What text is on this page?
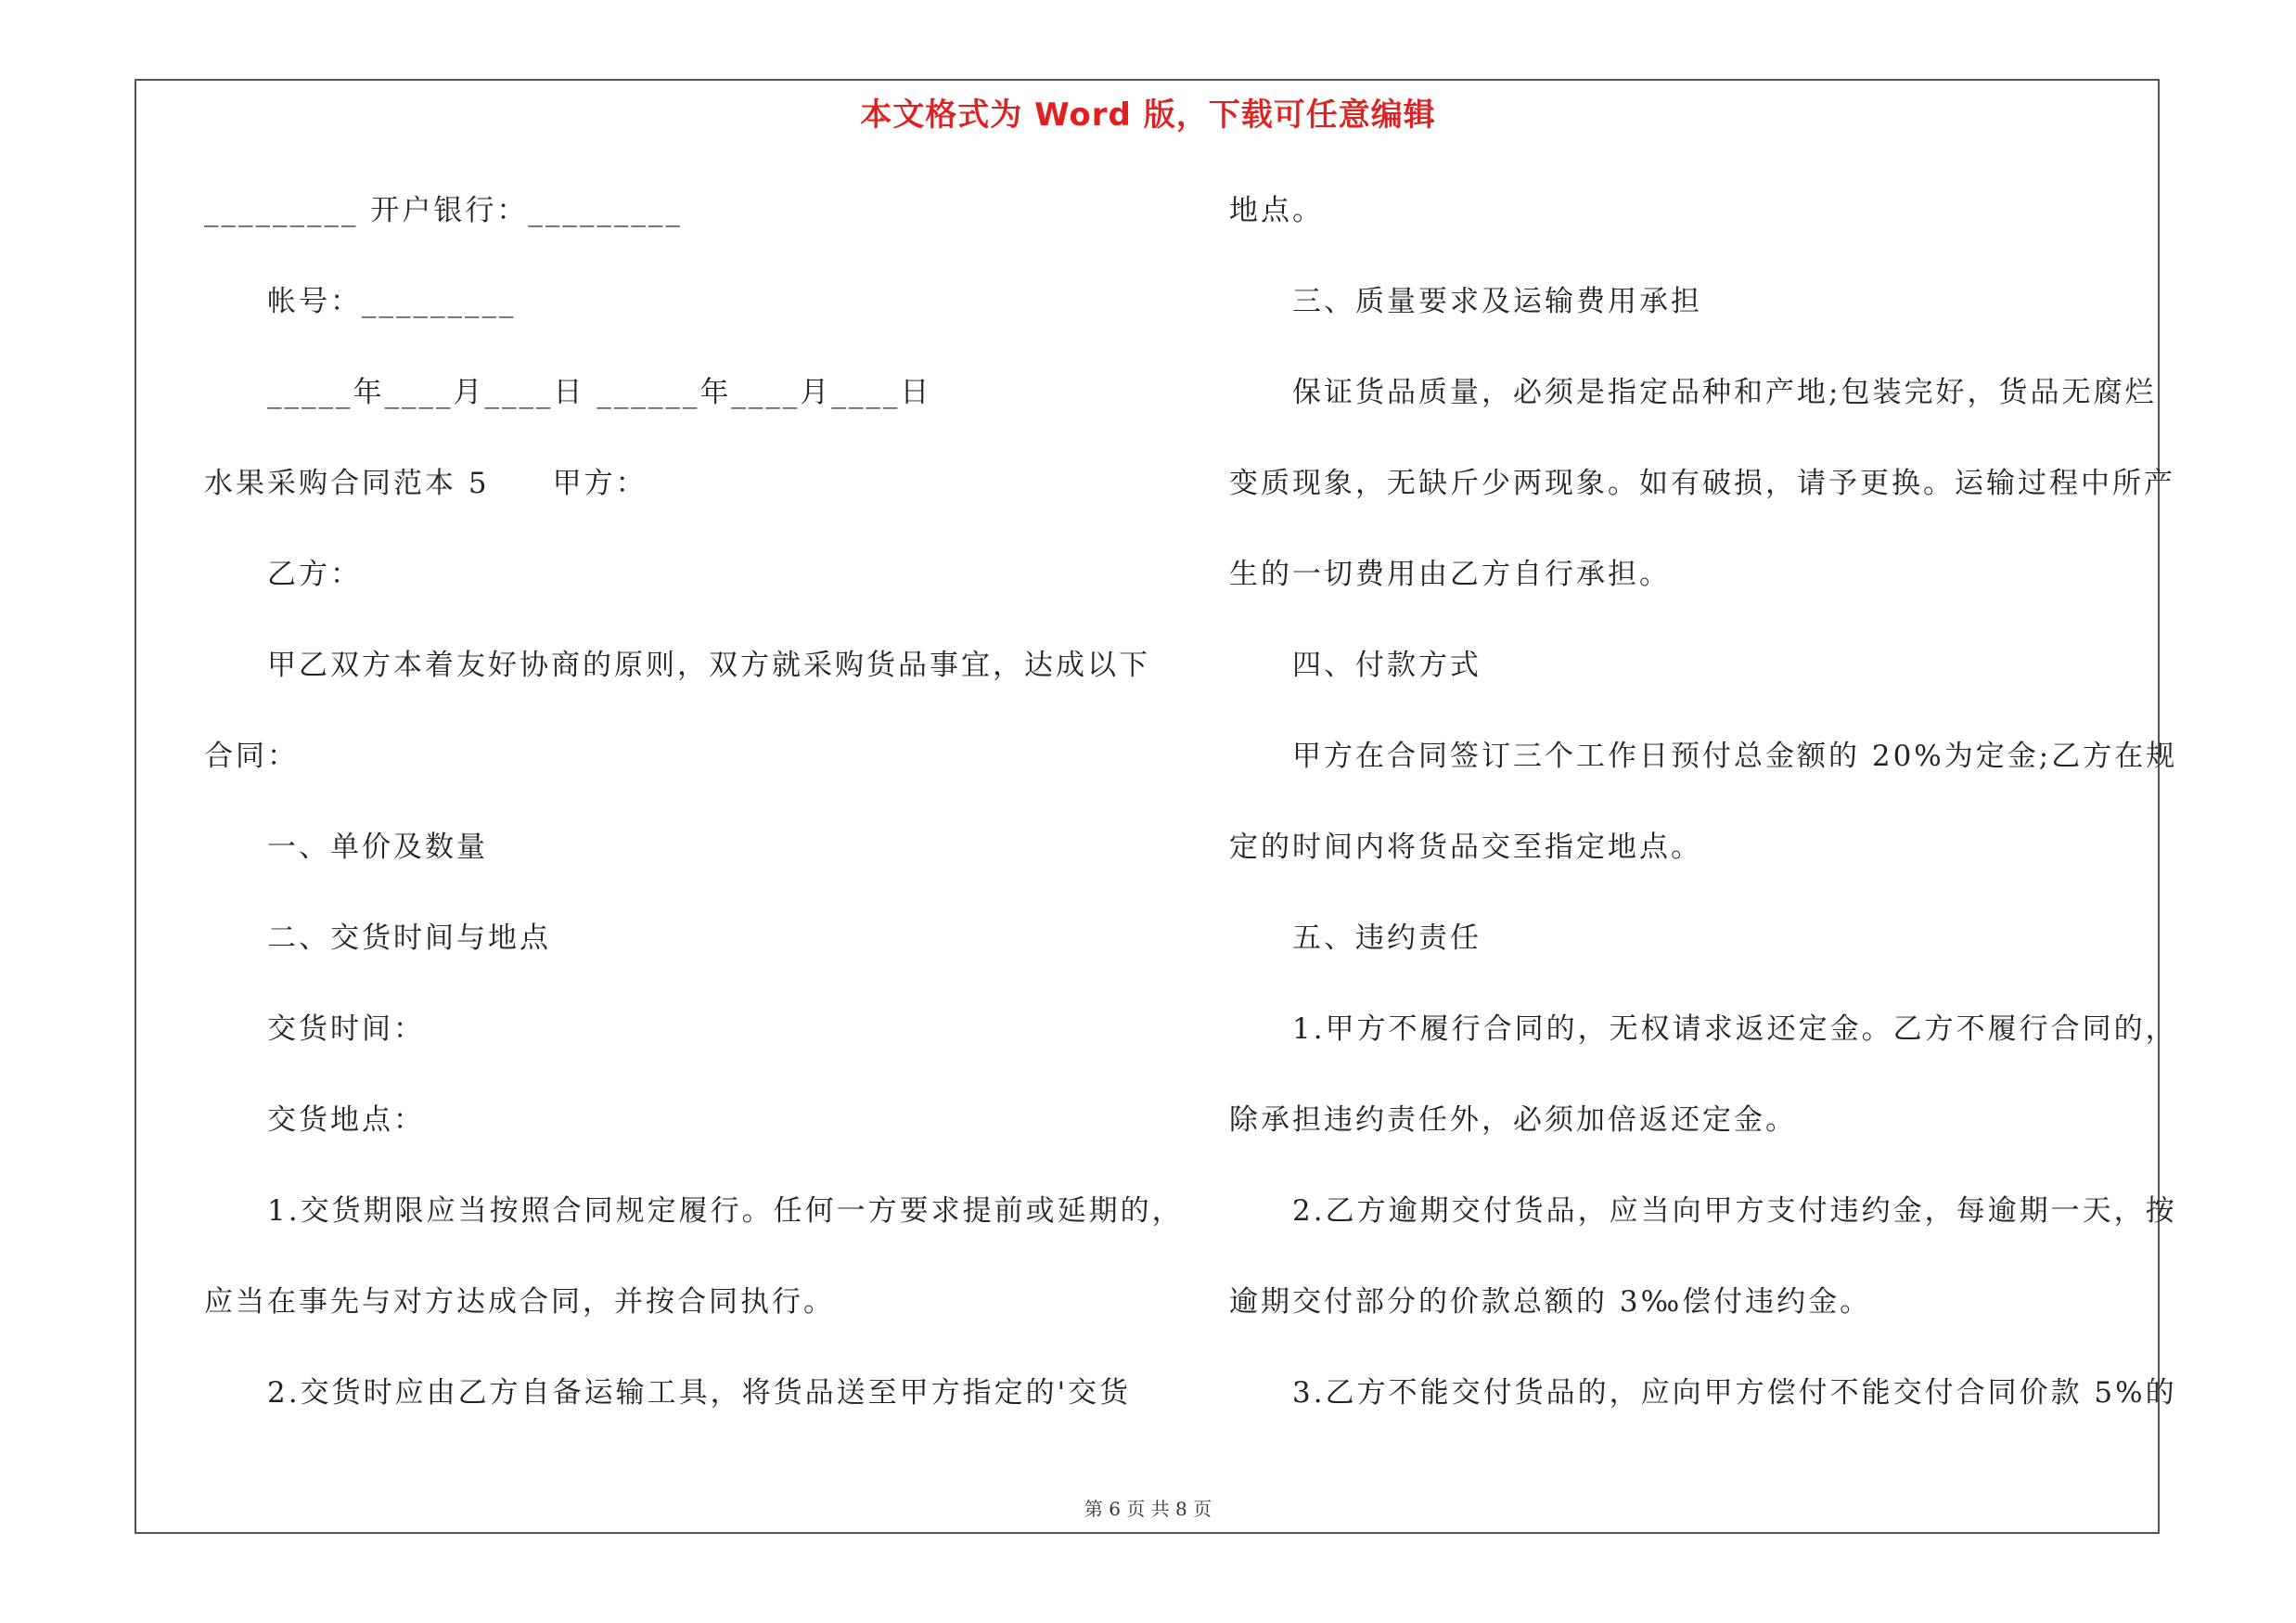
本文格式为 Word 版，下载可任意编辑
_________ 开户银行：_________
帐号：_________
_____年____月____日 ______年____月____日
水果采购合同范本 5　　甲方：
乙方：
甲乙双方本着友好协商的原则，双方就采购货品事宜，达成以下
合同：
一、单价及数量
二、交货时间与地点
交货时间：
交货地点：
1.交货期限应当按照合同规定履行。任何一方要求提前或延期的，
应当在事先与对方达成合同，并按合同执行。
2.交货时应由乙方自备运输工具，将货品送至甲方指定的'交货
地点。
三、质量要求及运输费用承担
保证货品质量，必须是指定品种和产地;包装完好，货品无腐烂
变质现象，无缺斤少两现象。如有破损，请予更换。运输过程中所产
生的一切费用由乙方自行承担。
四、付款方式
甲方在合同签订三个工作日预付总金额的 20%为定金;乙方在规
定的时间内将货品交至指定地点。
五、违约责任
1.甲方不履行合同的，无权请求返还定金。乙方不履行合同的，
除承担违约责任外，必须加倍返还定金。
2.乙方逾期交付货品，应当向甲方支付违约金，每逾期一天，按
逾期交付部分的价款总额的 3‰偿付违约金。
3.乙方不能交付货品的，应向甲方偿付不能交付合同价款 5%的
第 6 页 共 8 页
